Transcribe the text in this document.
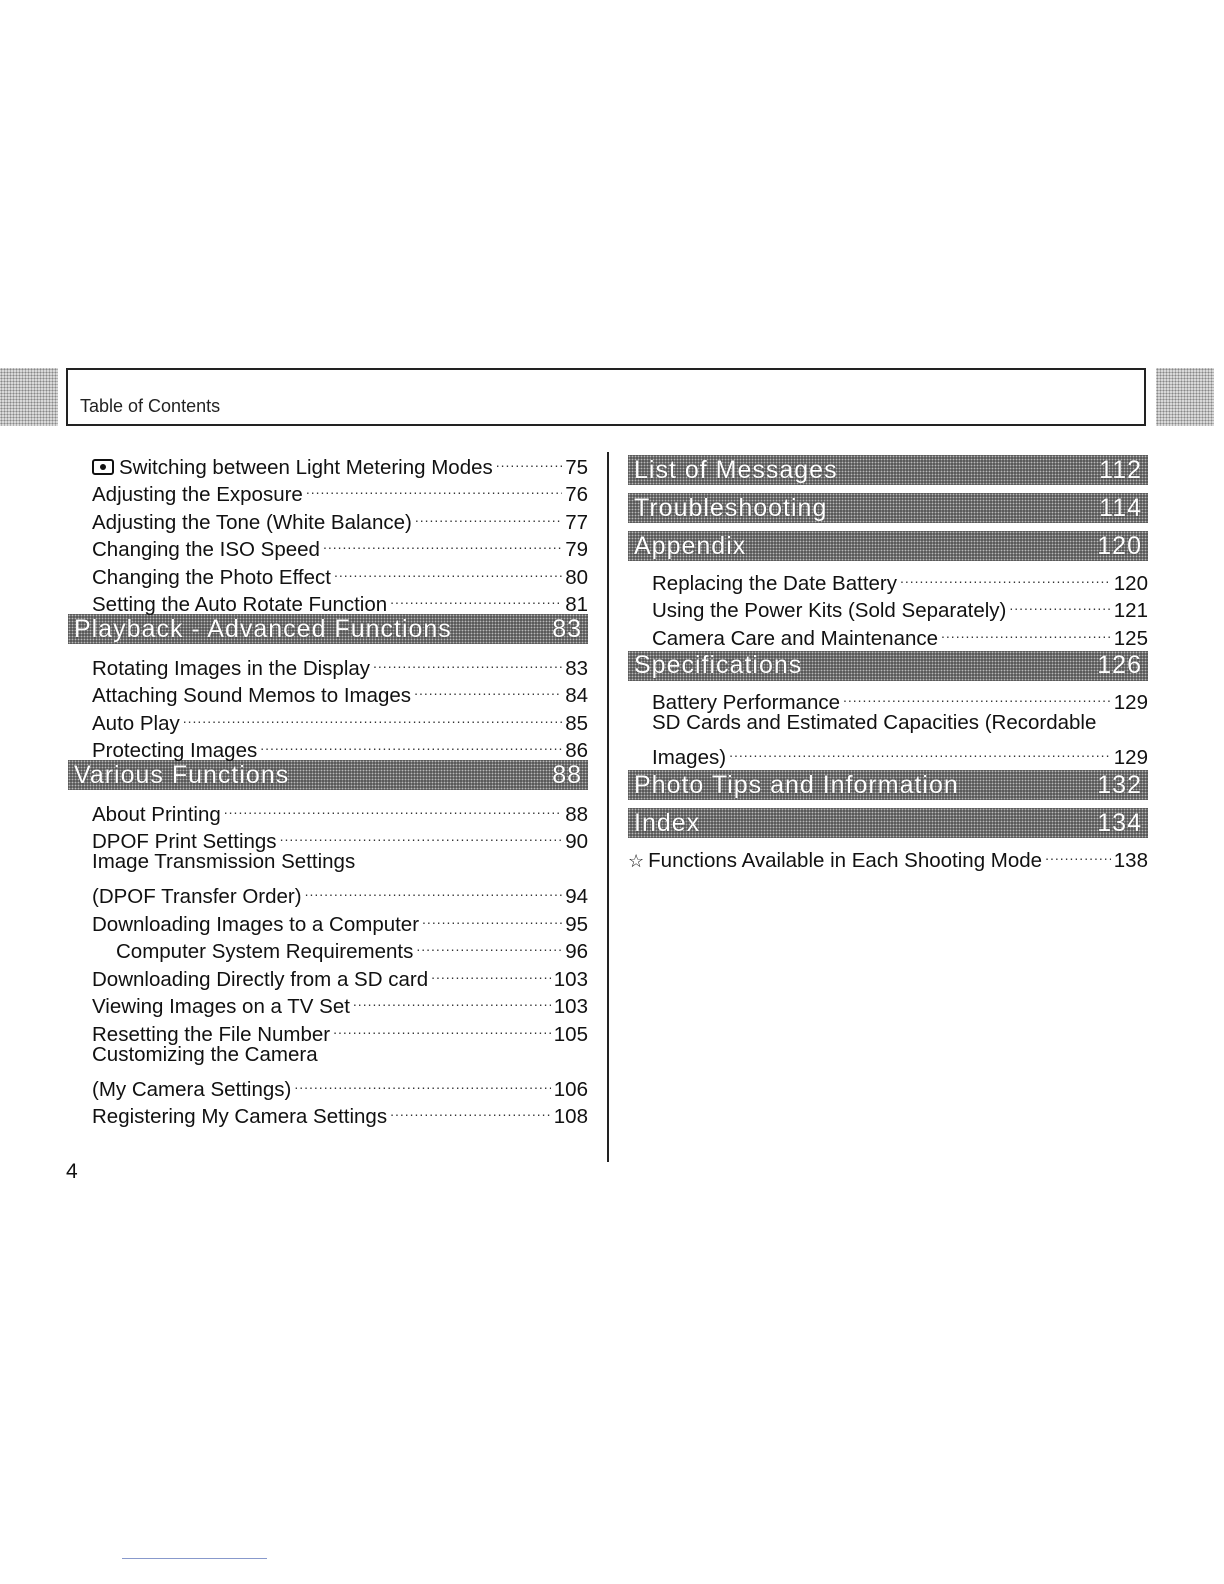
Table of Contents
Switching between Light Metering Modes .....	75
Adjusting the Exposure .....	76
Adjusting the Tone (White Balance) .....	77
Changing the ISO Speed .....	79
Changing the Photo Effect .....	80
Setting the Auto Rotate Function .....	81
Playback - Advanced Functions	83
Rotating Images in the Display .....	83
Attaching Sound Memos to Images .....	84
Auto Play .....	85
Protecting Images .....	86
Various Functions	88
About Printing .....	88
DPOF Print Settings .....	90
Image Transmission Settings
(DPOF Transfer Order) .....	94
Downloading Images to a Computer .....	95
Computer System Requirements .....	96
Downloading Directly from a SD card .....	103
Viewing Images on a TV Set .....	103
Resetting the File Number .....	105
Customizing the Camera
(My Camera Settings) .....	106
Registering My Camera Settings .....	108
List of Messages	112
Troubleshooting	114
Appendix	120
Replacing the Date Battery .....	120
Using the Power Kits (Sold Separately) .....	121
Camera Care and Maintenance .....	125
Specifications	126
Battery Performance .....	129
SD Cards and Estimated Capacities (Recordable
Images) .....	129
Photo Tips and Information	132
Index	134
☆ Functions Available in Each Shooting Mode .....	138
4
